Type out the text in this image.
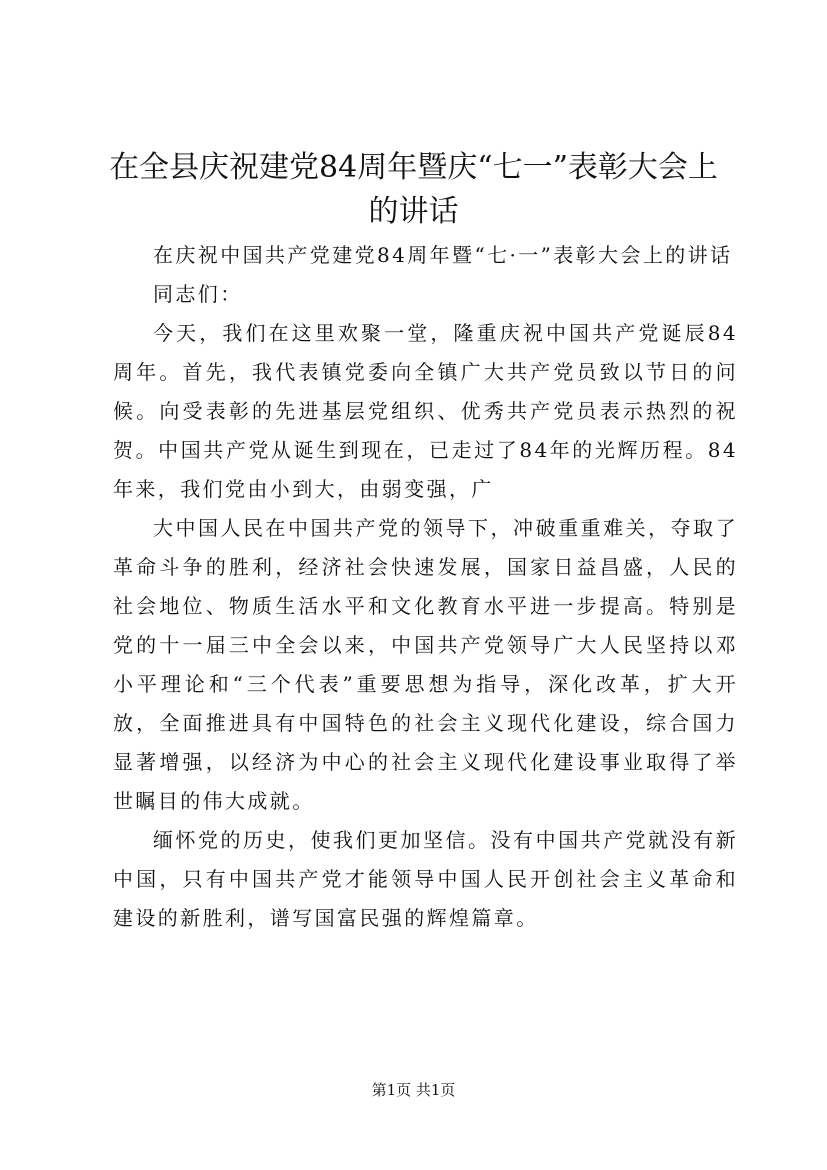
在全县庆祝建党84周年暨庆“七一”表彰大会上的讲话

在庆祝中国共产党建党84周年暨“七·一”表彰大会上的讲话

同志们：

今天，我们在这里欢聚一堂，隆重庆祝中国共产党诞辰84周年。首先，我代表镇党委向全镇广大共产党员致以节日的问候。向受表彰的先进基层党组织、优秀共产党员表示热烈的祝贺。中国共产党从诞生到现在，已走过了84年的光辉历程。84年来，我们党由小到大，由弱变强，广

大中国人民在中国共产党的领导下，冲破重重难关，夺取了革命斗争的胜利，经济社会快速发展，国家日益昌盛，人民的社会地位、物质生活水平和文化教育水平进一步提高。特别是党的十一届三中全会以来，中国共产党领导广大人民坚持以邓小平理论和“三个代表”重要思想为指导，深化改革，扩大开放，全面推进具有中国特色的社会主义现代化建设，综合国力显著增强，以经济为中心的社会主义现代化建设事业取得了举世瞩目的伟大成就。

缅怀党的历史，使我们更加坚信。没有中国共产党就没有新中国，只有中国共产党才能领导中国人民开创社会主义革命和建设的新胜利，谱写国富民强的辉煌篇章。

第1页 共1页
